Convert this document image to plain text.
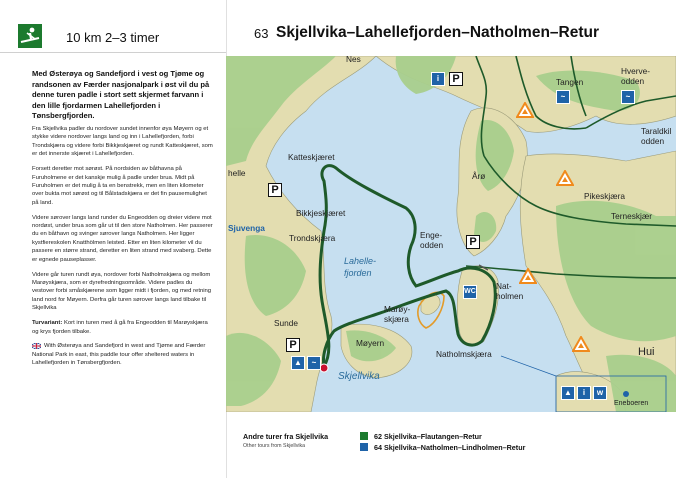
10 km 2–3 timer	63 Skjellvika–Lahellefjorden–Natholmen–Retur
Med Østerøya og Sandefjord i vest og Tjøme og randsonen av Færder nasjonalpark i øst vil du på denne turen padle i stort sett skjermet farvann i den lille fjordarmen Lahellefjorden i Tønsbergfjorden.

Fra Skjellvika padler du nordover sundet innenfor øya Møyern og et stykke videre nordover langs land og inn i Lahellefjorden, forbi Trondskjæra og videre forbi Bikkjeskjæret og rundt Katteskjæret, som er det innerste skjæret i Lahellefjorden.

Forsett deretter mot sørøst. På nordsiden av båthavna på Furuholmene er det kanskje mulig å padle under brua. Midt på Furuholmen er det mulig å ta en benstrekk, men en liten kilometer over bukta mot sørøst og til Bålstadskjæra er det fin pausemulighet på land.

Videre sørover langs land runder du Engeodden og dreier videre mot nordøst, under brua som går ut til den store Natholmen. Her passerer du en båthavn og svinger sørover langs Natholmen. Her ligger kystfiereskolen Knatthölmen leisted. Etter en liten kilometer vil du passere en større strand, deretter en liten strand med svaberg. Dette er egnede pauseplasser.

Videre går turen rundt øya, nordover forbi Natholmskjæra og mellom Marøyskjæra, som er dyrefredningsområde. Videre padles du vestover forbi småskjærene som ligger midt i fjorden, og med retning land nord for Møyern. Derfra går turen sørover langs land tilbake til Skjellvika

Turvariant: Kort inn turen med å gå fra Engeodden til Marøyskjæra og krys fjorden tilbake.

With Østerøya and Sandefjord in west and Tjøme and Færder National Park in east, this paddle tour offer sheltered waters in Lahellefjorden in Tønsbergfjorden.

Nes
Tangen
Hverve-
odden
Taraldkil
odden
Katteskjæret
Årø
helle
Pikeskjæra
Bikkjeskjæret	Terneskjær
Sjuvenga
Trondskjæra	Enge-
odden
Lahelle-
fjorden
Nat-
holmen
Marøy-
skjæra
Sunde
Møyern
Natholmskjæra	Hui
Skjellvika
Eneboeren
P
P
P
P
i
~	~
WC
▲	~
▲	i	w
Andre turer fra Skjellvika
Other tours from Skjellvika
62 Skjellvika–Flautangen–Retur
64 Skjellvika–Natholmen–Lindholmen–Retur
